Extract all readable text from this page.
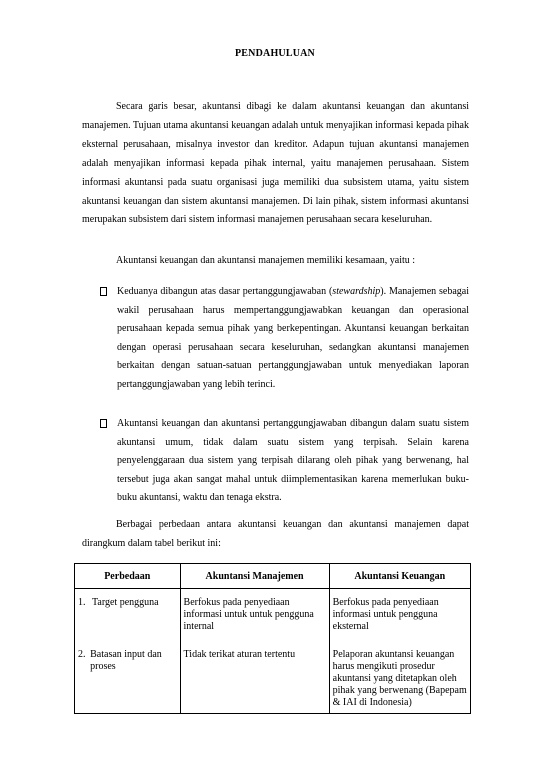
PENDAHULUAN
Secara garis besar, akuntansi dibagi ke dalam akuntansi keuangan dan akuntansi manajemen. Tujuan utama akuntansi keuangan adalah untuk menyajikan informasi kepada pihak eksternal perusahaan, misalnya investor dan kreditor. Adapun tujuan akuntansi manajemen adalah menyajikan informasi kepada pihak internal, yaitu manajemen perusahaan. Sistem informasi akuntansi pada suatu organisasi juga memiliki dua subsistem utama, yaitu sistem akuntansi keuangan dan sistem akuntansi manajemen. Di lain pihak, sistem informasi akuntansi merupakan subsistem dari sistem informasi manajemen perusahaan secara keseluruhan.
Akuntansi keuangan dan akuntansi manajemen memiliki kesamaan, yaitu :
Keduanya dibangun atas dasar pertanggungjawaban (stewardship). Manajemen sebagai wakil perusahaan harus mempertanggungjawabkan keuangan dan operasional perusahaan kepada semua pihak yang berkepentingan. Akuntansi keuangan berkaitan dengan operasi perusahaan secara keseluruhan, sedangkan akuntansi manajemen berkaitan dengan satuan-satuan pertanggungjawaban untuk menyediakan laporan pertanggungjawaban yang lebih terinci.
Akuntansi keuangan dan akuntansi pertanggungjawaban dibangun dalam suatu sistem akuntansi umum, tidak dalam suatu sistem yang terpisah. Selain karena penyelenggaraan dua sistem yang terpisah dilarang oleh pihak yang berwenang, hal tersebut juga akan sangat mahal untuk diimplementasikan karena memerlukan buku-buku akuntansi, waktu dan tenaga ekstra.
Berbagai perbedaan antara akuntansi keuangan dan akuntansi manajemen dapat dirangkum dalam tabel berikut ini:
Perbedaan	Akuntansi Manajemen	Akuntansi Keuangan

1. Target pengguna	Berfokus pada penyediaan informasi untuk untuk pengguna internal	Berfokus pada penyediaan informasi untuk pengguna eksternal

2. Batasan input dan proses	Tidak terikat aturan tertentu	Pelaporan akuntansi keuangan harus mengikuti prosedur akuntansi yang ditetapkan oleh pihak yang berwenang (Bapepam & IAI di Indonesia)
